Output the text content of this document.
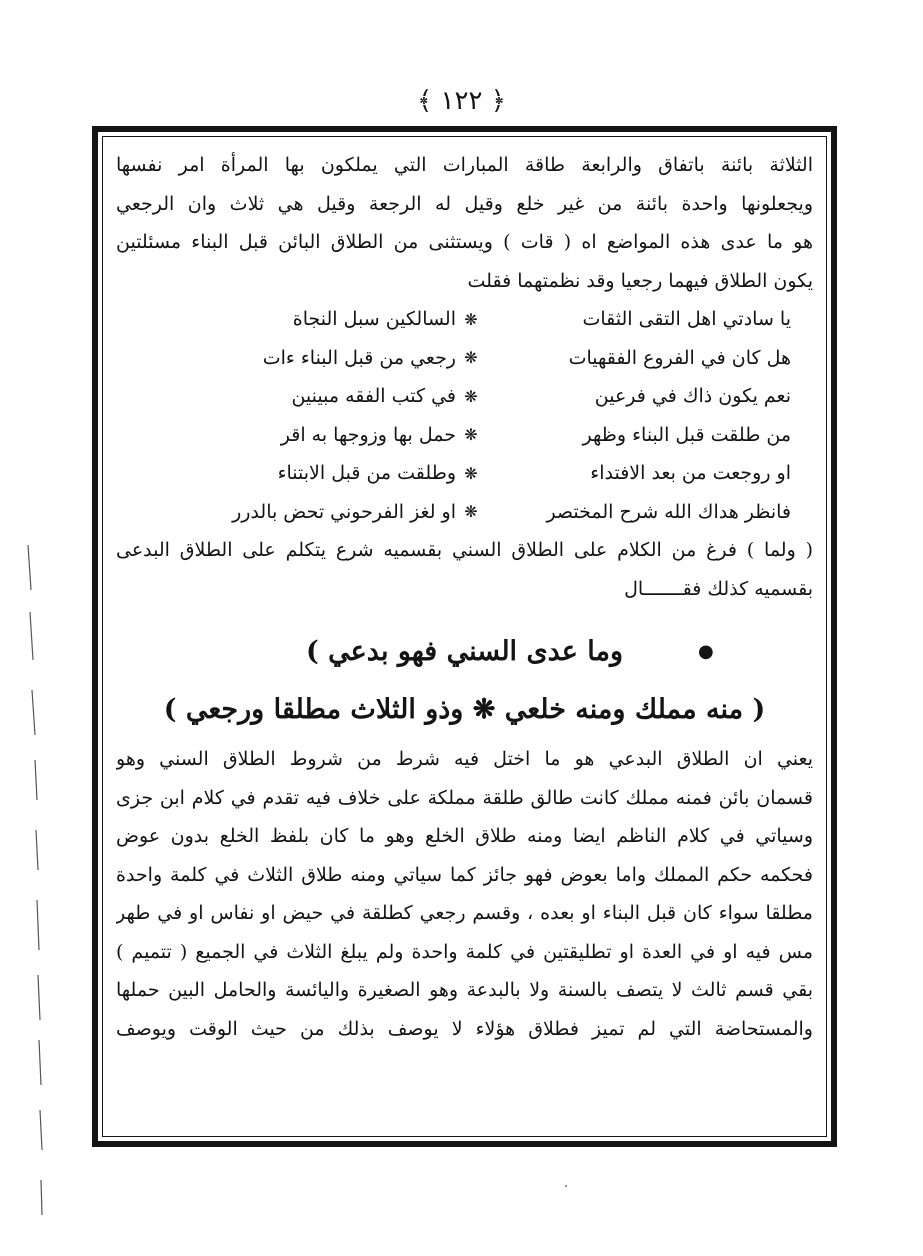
﴾ ١٢٢ ﴿
الثلاثة بائنة باتفاق والرابعة طاقة المبارات التي يملكون بها المرأة امر نفسها
ويجعلونها واحدة بائنة من غير خلع وقيل له الرجعة وقيل هي ثلاث وان الرجعي
هو ما عدى هذه المواضع اه ( قات ) ويستثنى من الطلاق البائن قبل البناء مسئلتين
يكون الطلاق فيهما رجعيا وقد نظمتهما فقلت
يا سادتي اهل التقى الثقات
❋
السالكين سبل النجاة
هل كان في الفروع الفقهيات
❋
رجعي من قبل البناء ءات
نعم يكون ذاك في فرعين
❋
في كتب الفقه مبينين
من طلقت قبل البناء وظهر
❋
حمل بها وزوجها به اقر
او روجعت من بعد الافتداء
❋
وطلقت من قبل الابتناء
فانظر هداك الله شرح المختصر
❋
او لغز الفرحوني تحض بالدرر
( ولما ) فرغ من الكلام على الطلاق السني بقسميه شرع يتكلم على الطلاق البدعى
بقسميه كذلك فقـــــــال
وما عدى السني فهو بدعي )	●
( منه مملك ومنه خلعي ❋ وذو الثلاث مطلقا ورجعي )
يعني ان الطلاق البدعي هو ما اختل فيه شرط من شروط الطلاق السني وهو
قسمان بائن فمنه مملك كانت طالق طلقة مملكة على خلاف فيه تقدم في كلام ابن جزى
وسياتي في كلام الناظم ايضا ومنه طلاق الخلع وهو ما كان بلفظ الخلع بدون عوض
فحكمه حكم المملك واما بعوض فهو جائز كما سياتي ومنه طلاق الثلاث في كلمة واحدة
مطلقا سواء كان قبل البناء او بعده ، وقسم رجعي كطلقة في حيض او نفاس او في طهر
مس فيه او في العدة او تطليقتين في كلمة واحدة ولم يبلغ الثلاث في الجميع ( تتميم )
بقي قسم ثالث لا يتصف بالسنة ولا بالبدعة وهو الصغيرة واليائسة والحامل البين حملها
والمستحاضة التي لم تميز فطلاق هؤلاء لا يوصف بذلك من حيث الوقت ويوصف
